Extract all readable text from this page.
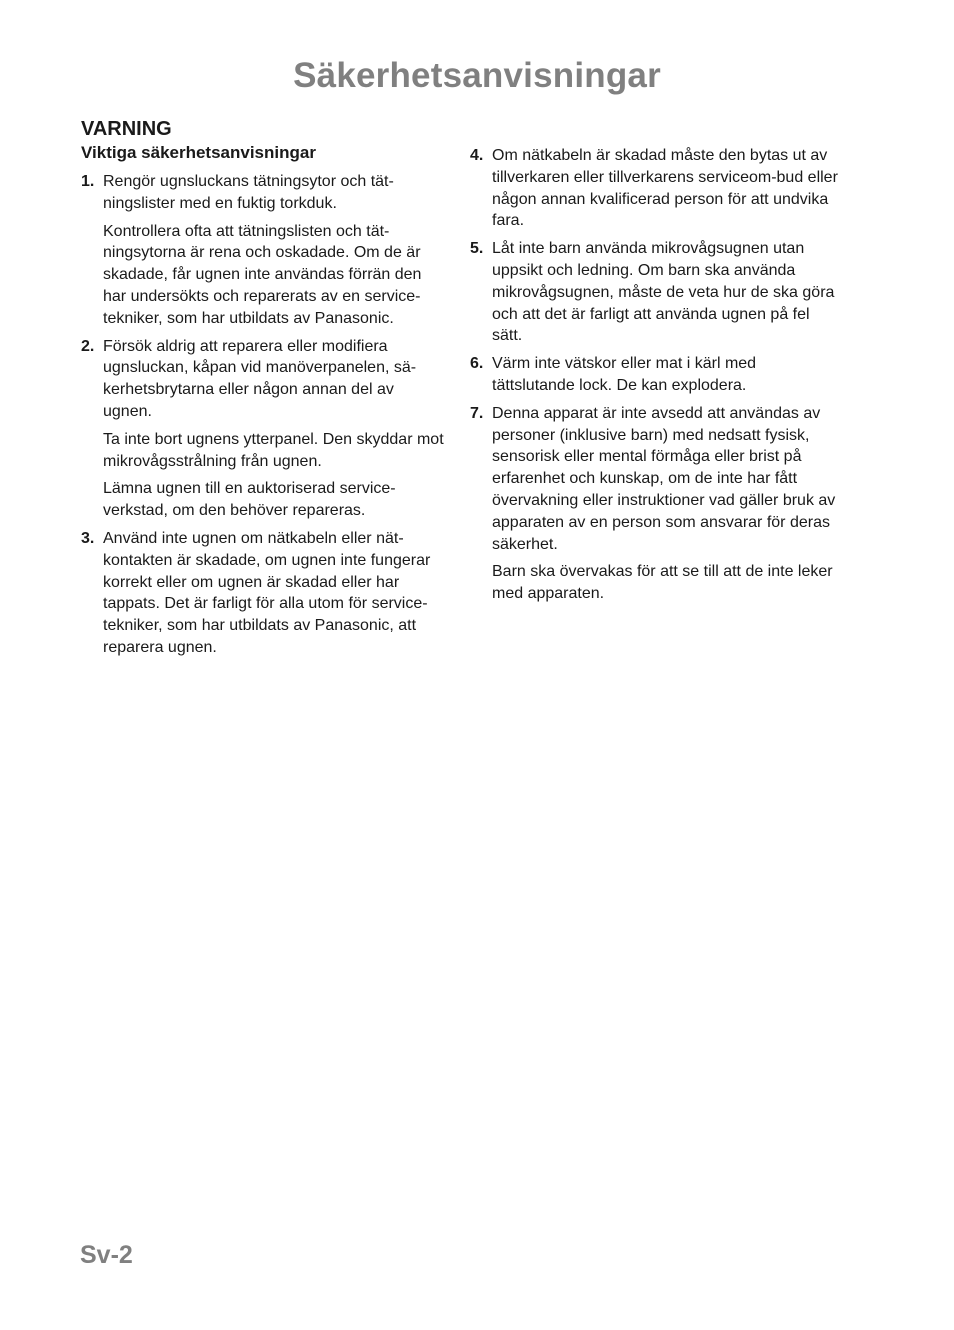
Säkerhetsanvisningar
VARNING
Viktiga säkerhetsanvisningar
1. Rengör ugnsluckans tätningsytor och tät-ningslister med en fuktig torkduk.

Kontrollera ofta att tätningslisten och tät-ningsytorna är rena och oskadade. Om de är skadade, får ugnen inte användas förrän den har undersökts och reparerats av en service-tekniker, som har utbildats av Panasonic.

2. Försök aldrig att reparera eller modifiera ugnsluckan, kåpan vid manöverpanelen, sä-kerhetsbrytarna eller någon annan del av ugnen.

Ta inte bort ugnens ytterpanel. Den skyddar mot mikrovågsstrålning från ugnen.

Lämna ugnen till en auktoriserad service-verkstad, om den behöver repareras.

3. Använd inte ugnen om nätkabeln eller nät-kontakten är skadade, om ugnen inte fungerar korrekt eller om ugnen är skadad eller har tappats. Det är farligt för alla utom för service- tekniker, som har utbildats av Panasonic, att reparera ugnen.

4. Om nätkabeln är skadad måste den bytas ut av tillverkaren eller tillverkarens serviceom-bud eller någon annan kvalificerad person för att undvika fara.

5. Låt inte barn använda mikrovågsugnen utan uppsikt och ledning. Om barn ska använda mikrovågsugnen, måste de veta hur de ska göra och att det är farligt att använda ugnen på fel sätt.

6. Värm inte vätskor eller mat i kärl med tättslutande lock. De kan explodera.

7. Denna apparat är inte avsedd att användas av personer (inklusive barn) med nedsatt fysisk, sensorisk eller mental förmåga eller brist på erfarenhet och kunskap, om de inte har fått övervakning eller instruktioner vad gäller bruk av apparaten av en person som ansvarar för deras säkerhet.

Barn ska övervakas för att se till att de inte leker med apparaten.

Sv-2
